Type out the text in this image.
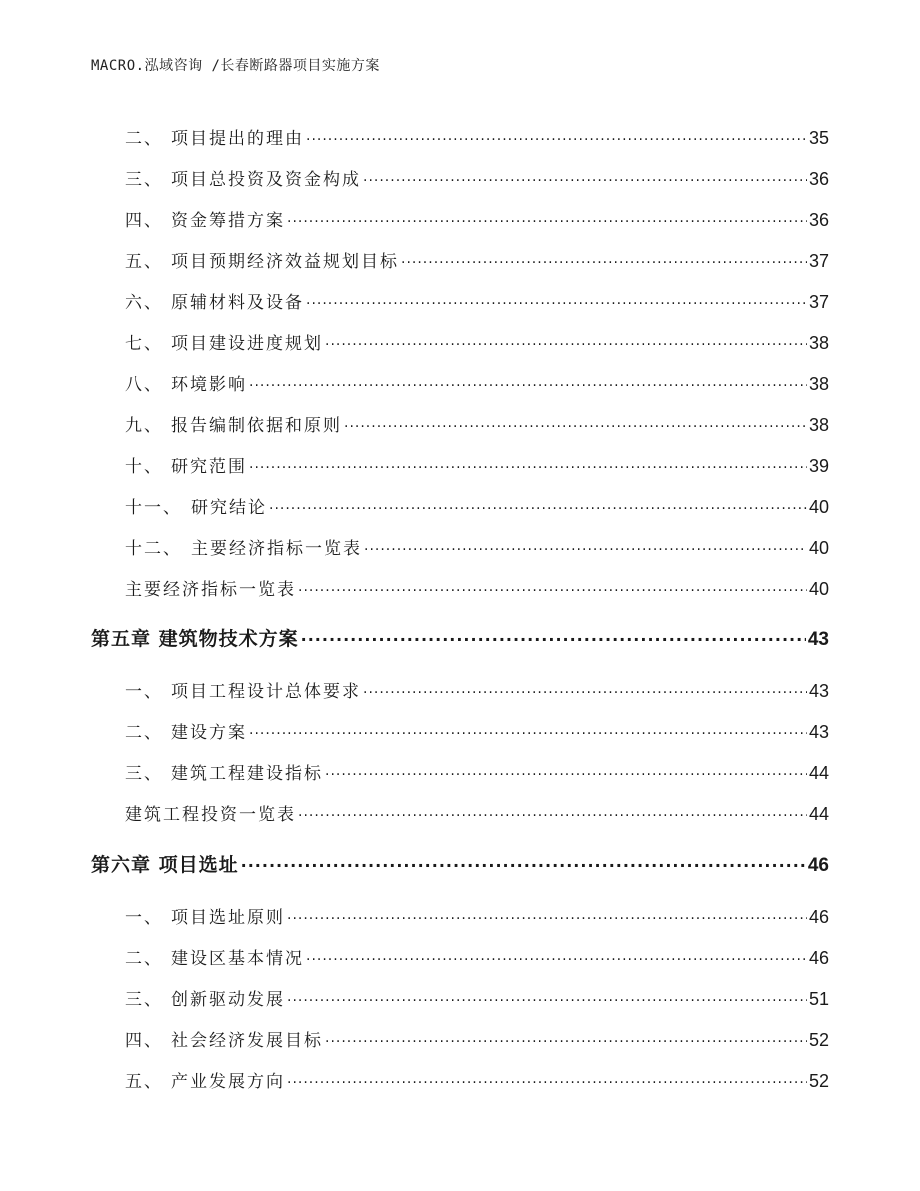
MACRO.泓域咨询 /长春断路器项目实施方案
二、 项目提出的理由 .....	35
三、 项目总投资及资金构成 .....	36
四、 资金筹措方案 .....	36
五、 项目预期经济效益规划目标 .....	37
六、 原辅材料及设备 .....	37
七、 项目建设进度规划 .....	38
八、 环境影响 .....	38
九、 报告编制依据和原则 .....	38
十、 研究范围 .....	39
十一、 研究结论 .....	40
十二、 主要经济指标一览表 .....	40
主要经济指标一览表 .....	40
第五章 建筑物技术方案 .....	43
一、 项目工程设计总体要求 .....	43
二、 建设方案 .....	43
三、 建筑工程建设指标 .....	44
建筑工程投资一览表 .....	44
第六章 项目选址 .....	46
一、 项目选址原则 .....	46
二、 建设区基本情况 .....	46
三、 创新驱动发展 .....	51
四、 社会经济发展目标 .....	52
五、 产业发展方向 .....	52
